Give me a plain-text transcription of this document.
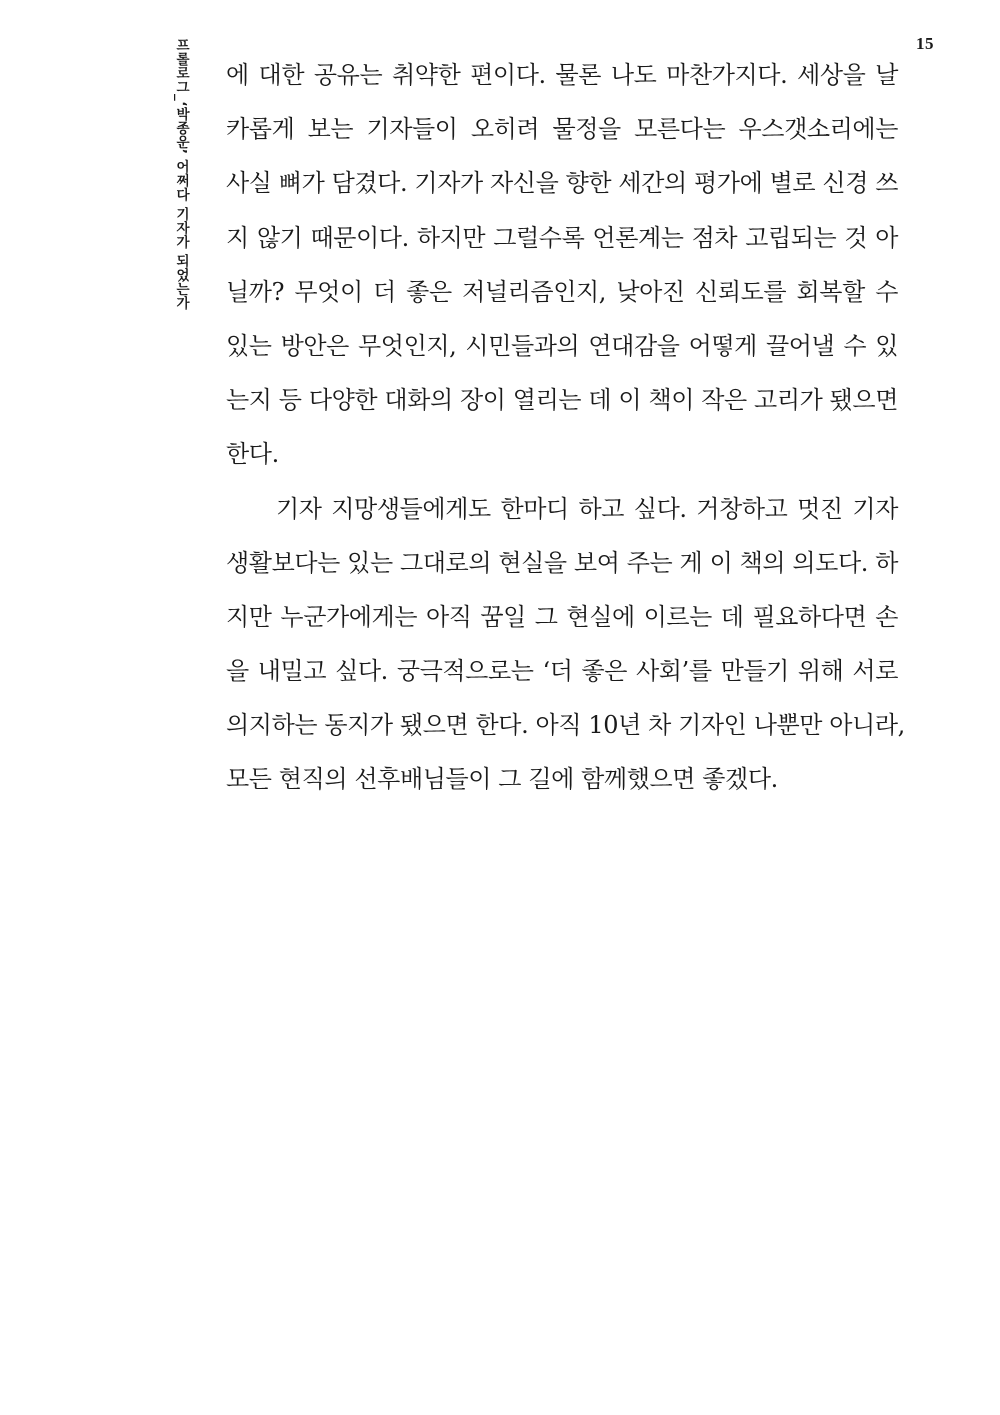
15
프롤로그_‘박종운’ 어쩌다 기자가 되었는가 에 대한 공유는 취약한 편이다. 물론 나도 마찬가지다. 세상을 날
카롭게 보는 기자들이 오히려 물정을 모른다는 우스갯소리에는
사실 뼈가 담겼다. 기자가 자신을 향한 세간의 평가에 별로 신경 쓰
지 않기 때문이다. 하지만 그럴수록 언론계는 점차 고립되는 것 아
닐까? 무엇이 더 좋은 저널리즘인지, 낮아진 신뢰도를 회복할 수
있는 방안은 무엇인지, 시민들과의 연대감을 어떻게 끌어낼 수 있
는지 등 다양한 대화의 장이 열리는 데 이 책이 작은 고리가 됐으면
한다.
기자 지망생들에게도 한마디 하고 싶다. 거창하고 멋진 기자
생활보다는 있는 그대로의 현실을 보여 주는 게 이 책의 의도다. 하
지만 누군가에게는 아직 꿈일 그 현실에 이르는 데 필요하다면 손
을 내밀고 싶다. 궁극적으로는 ‘더 좋은 사회’를 만들기 위해 서로
의지하는 동지가 됐으면 한다. 아직 10년 차 기자인 나뿐만 아니라,
모든 현직의 선후배님들이 그 길에 함께했으면 좋겠다.
